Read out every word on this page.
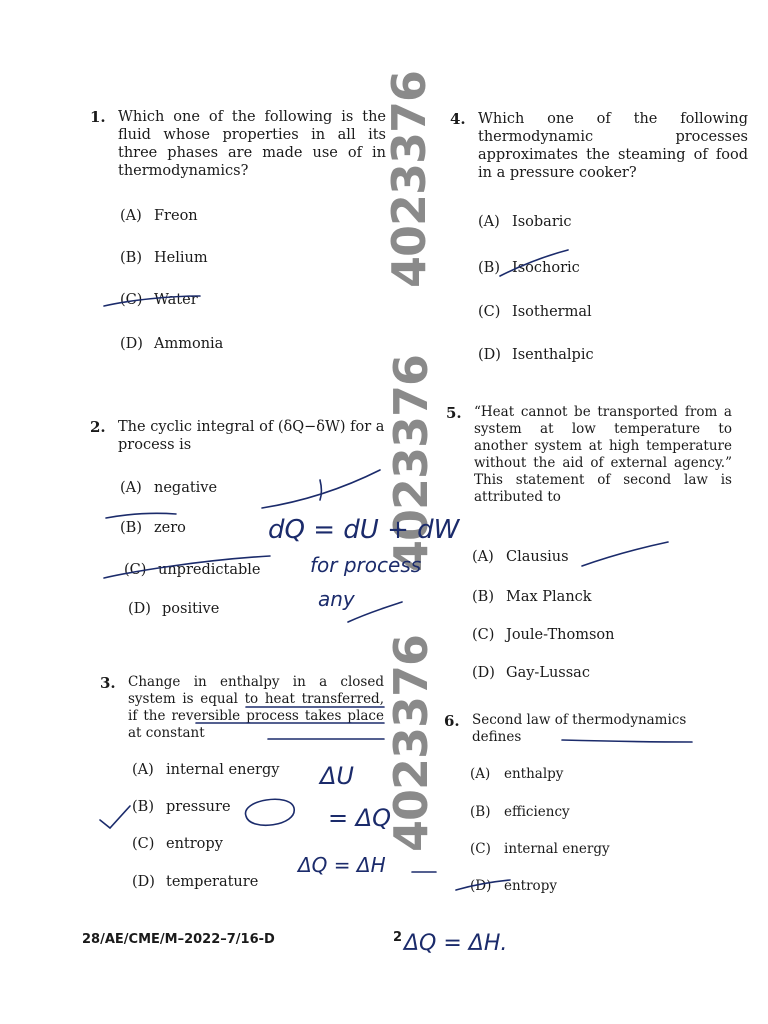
1. Which one of the following is the fluid whose properties in all its three phases are made use of in thermodynamics?
(A) Freon
(B) Helium
(C) Water
(D) Ammonia
2. The cyclic integral of (δQ−δW) for a process is
(A) negative
(B) zero
(C) unpredictable
(D) positive
3. Change in enthalpy in a closed system is equal to heat transferred, if the reversible process takes place at constant
(A) internal energy
(B) pressure
(C) entropy
(D) temperature
4. Which one of the following thermodynamic processes approximates the steaming of food in a pressure cooker?
(A) Isobaric
(B) Isochoric
(C) Isothermal
(D) Isenthalpic
5. “Heat cannot be transported from a system at low temperature to another system at high temperature without the aid of external agency.” This statement of second law is attributed to
(A) Clausius
(B) Max Planck
(C) Joule-Thomson
(D) Gay-Lussac
6. Second law of thermodynamics defines
(A) enthalpy
(B) efficiency
(C) internal energy
(D) entropy
4023376
4023376
4023376
dQ = dU + dW
for process
any
ΔU
= ΔQ
ΔQ = ΔH
ΔQ = ΔH.
28/AE/CME/M–2022–7/16-D	2
